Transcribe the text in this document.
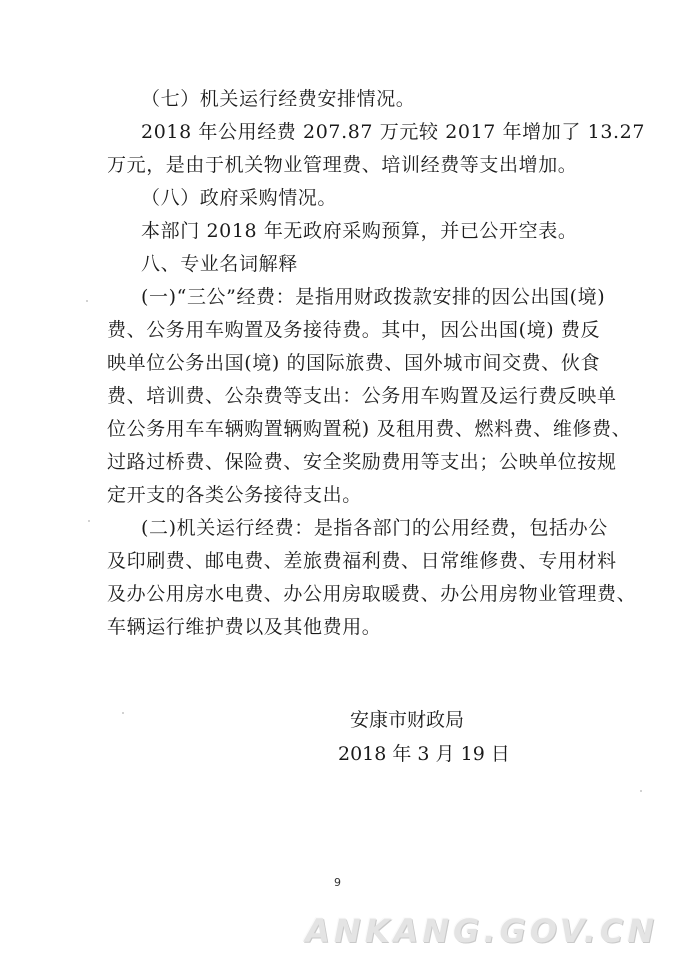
（七）机关运行经费安排情况。
2018 年公用经费 207.87 万元较 2017 年增加了 13.27
万元，是由于机关物业管理费、培训经费等支出增加。
（八）政府采购情况。
本部门 2018 年无政府采购预算，并已公开空表。
八、专业名词解释
(一)“三公”经费：是指用财政拨款安排的因公出国(境)
费、公务用车购置及务接待费。其中，因公出国(境) 费反
映单位公务出国(境) 的国际旅费、国外城市间交费、伙食
费、培训费、公杂费等支出：公务用车购置及运行费反映单
位公务用车车辆购置辆购置税) 及租用费、燃料费、维修费、
过路过桥费、保险费、安全奖励费用等支出；公映单位按规
定开支的各类公务接待支出。
(二)机关运行经费：是指各部门的公用经费，包括办公
及印刷费、邮电费、差旅费福利费、日常维修费、专用材料
及办公用房水电费、办公用房取暖费、办公用房物业管理费、
车辆运行维护费以及其他费用。
安康市财政局
2018 年 3 月 19 日
9
ANKANG.GOV.CN
